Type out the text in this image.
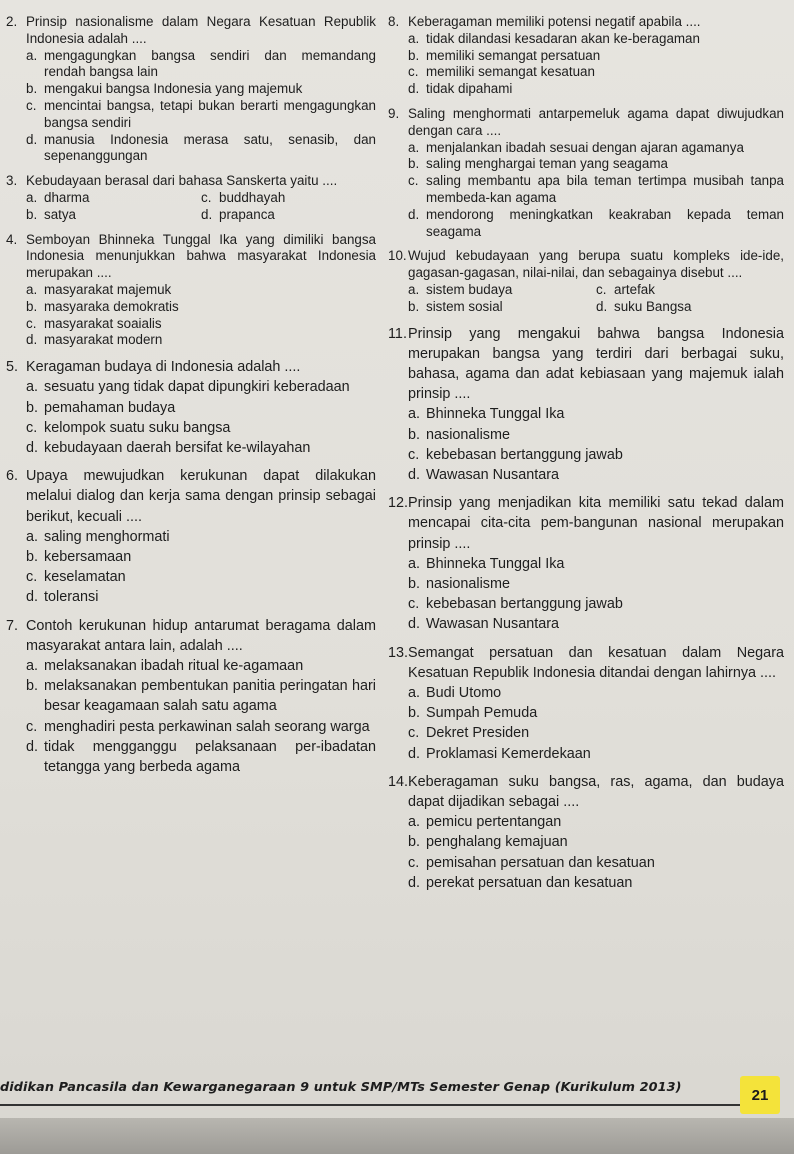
2. Prinsip nasionalisme dalam Negara Kesatuan Republik Indonesia adalah ....
a. mengagungkan bangsa sendiri dan memandang rendah bangsa lain
b. mengakui bangsa Indonesia yang majemuk
c. mencintai bangsa, tetapi bukan berarti mengagungkan bangsa sendiri
d. manusia Indonesia merasa satu, senasib, dan sepenanggungan
3. Kebudayaan berasal dari bahasa Sanskerta yaitu ....
a. dharma	c. buddhayah
b. satya	d. prapanca
4. Semboyan Bhinneka Tunggal Ika yang dimiliki bangsa Indonesia menunjukkan bahwa masyarakat Indonesia merupakan ....
a. masyarakat majemuk
b. masyaraka demokratis
c. masyarakat soaialis
d. masyarakat modern
5. Keragaman budaya di Indonesia adalah ....
a. sesuatu yang tidak dapat dipungkiri keberadaan
b. pemahaman budaya
c. kelompok suatu suku bangsa
d. kebudayaan daerah bersifat ke-wilayahan
6. Upaya mewujudkan kerukunan dapat dilakukan melalui dialog dan kerja sama dengan prinsip sebagai berikut, kecuali ....
a. saling menghormati
b. kebersamaan
c. keselamatan
d. toleransi
7. Contoh kerukunan hidup antarumat beragama dalam masyarakat antara lain, adalah ....
a. melaksanakan ibadah ritual ke-agamaan
b. melaksanakan pembentukan panitia peringatan hari besar keagamaan salah satu agama
c. menghadiri pesta perkawinan salah seorang warga
d. tidak mengganggu pelaksanaan per-ibadatan tetangga yang berbeda agama
8. Keberagaman memiliki potensi negatif apabila ....
a. tidak dilandasi kesadaran akan ke-beragaman
b. memiliki semangat persatuan
c. memiliki semangat kesatuan
d. tidak dipahami
9. Saling menghormati antarpemeluk agama dapat diwujudkan dengan cara ....
a. menjalankan ibadah sesuai dengan ajaran agamanya
b. saling menghargai teman yang seagama
c. saling membantu apa bila teman tertimpa musibah tanpa membeda-kan agama
d. mendorong meningkatkan keakraban kepada teman seagama
10. Wujud kebudayaan yang berupa suatu kompleks ide-ide, gagasan-gagasan, nilai-nilai, dan sebagainya disebut ....
a. sistem budaya	c. artefak
b. sistem sosial	d. suku Bangsa
11. Prinsip yang mengakui bahwa bangsa Indonesia merupakan bangsa yang terdiri dari berbagai suku, bahasa, agama dan adat kebiasaan yang majemuk ialah prinsip ....
a. Bhinneka Tunggal Ika
b. nasionalisme
c. kebebasan bertanggung jawab
d. Wawasan Nusantara
12. Prinsip yang menjadikan kita memiliki satu tekad dalam mencapai cita-cita pem-bangunan nasional merupakan prinsip ....
a. Bhinneka Tunggal Ika
b. nasionalisme
c. kebebasan bertanggung jawab
d. Wawasan Nusantara
13. Semangat persatuan dan kesatuan dalam Negara Kesatuan Republik Indonesia ditandai dengan lahirnya ....
a. Budi Utomo
b. Sumpah Pemuda
c. Dekret Presiden
d. Proklamasi Kemerdekaan
14. Keberagaman suku bangsa, ras, agama, dan budaya dapat dijadikan sebagai ....
a. pemicu pertentangan
b. penghalang kemajuan
c. pemisahan persatuan dan kesatuan
d. perekat persatuan dan kesatuan
didikan Pancasila dan Kewarganegaraan 9 untuk SMP/MTs Semester Genap (Kurikulum 2013)	21
